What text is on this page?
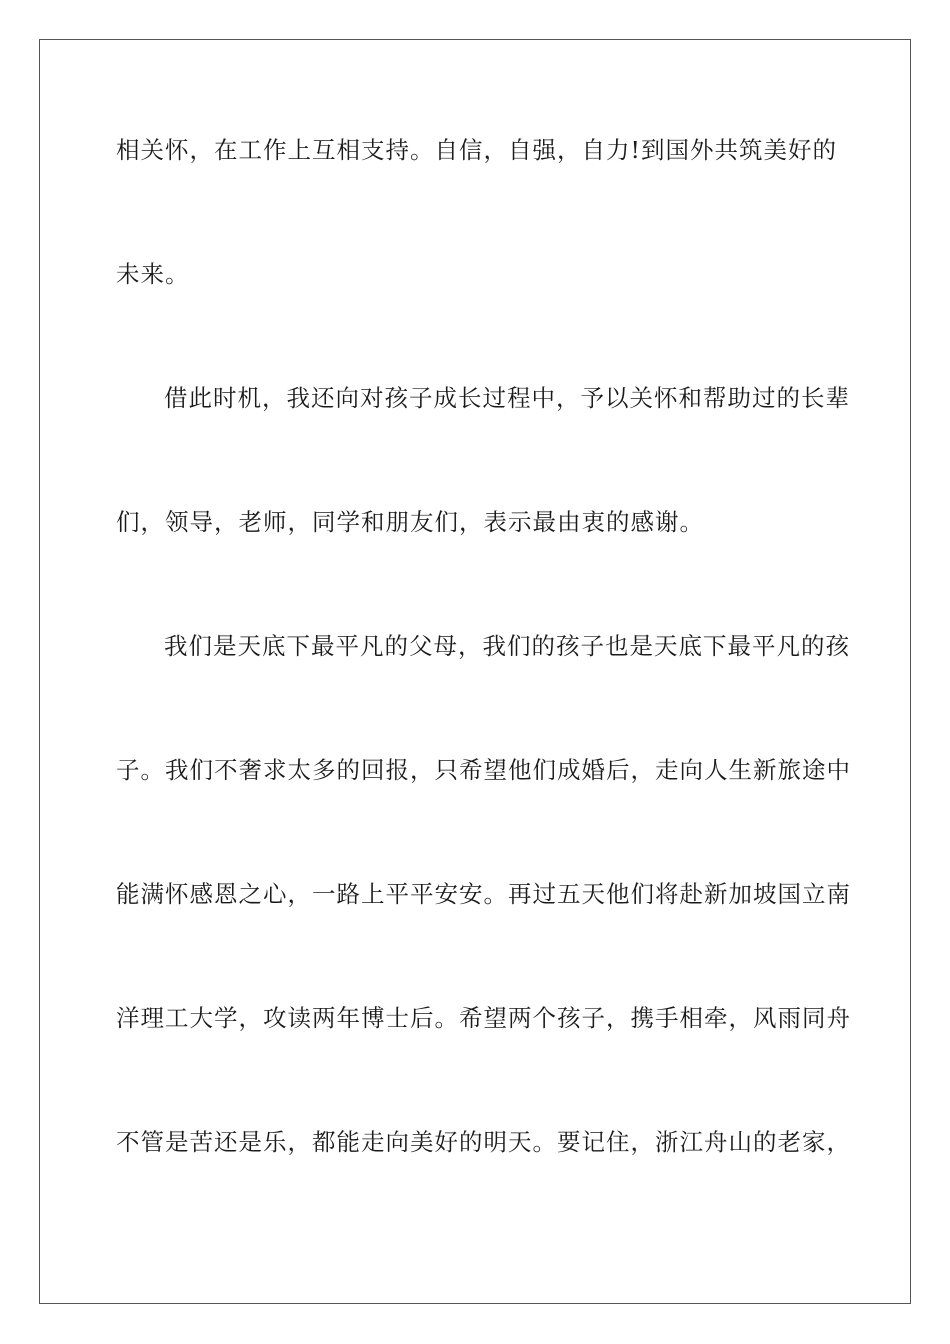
相关怀，在工作上互相支持。自信，自强，自力!到国外共筑美好的
未来。
借此时机，我还向对孩子成长过程中，予以关怀和帮助过的长辈
们，领导，老师，同学和朋友们，表示最由衷的感谢。
我们是天底下最平凡的父母，我们的孩子也是天底下最平凡的孩
子。我们不奢求太多的回报，只希望他们成婚后，走向人生新旅途中
能满怀感恩之心，一路上平平安安。再过五天他们将赴新加坡国立南
洋理工大学，攻读两年博士后。希望两个孩子，携手相牵，风雨同舟
不管是苦还是乐，都能走向美好的明天。要记住，浙江舟山的老家，
